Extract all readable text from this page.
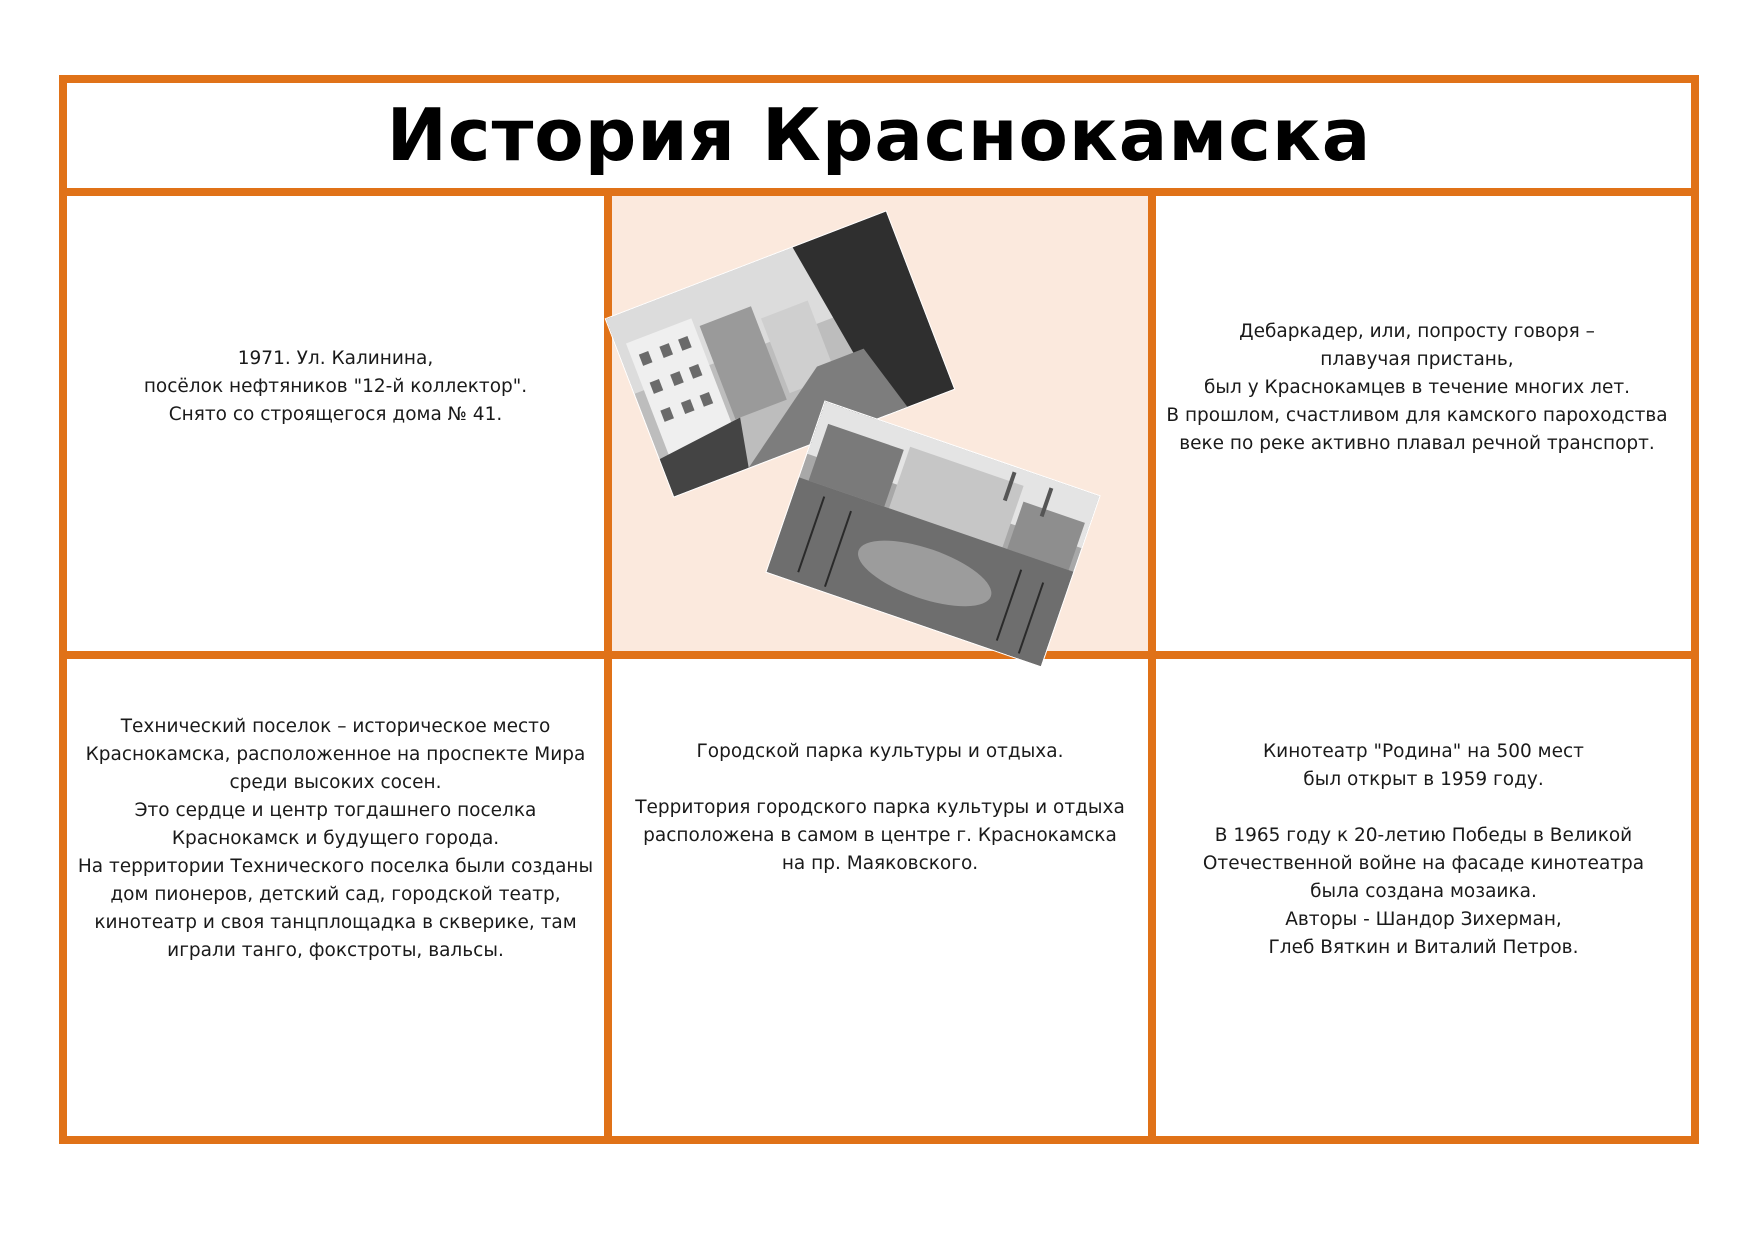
История Краснокамска
1971. Ул. Калинина,
посёлок нефтяников "12-й коллектор".
Снято со строящегося дома № 41.
Дебаркадер, или, попросту говоря –
плавучая пристань,
был у Краснокамцев в течение многих лет.
В прошлом, счастливом для камского пароходства
веке по реке активно плавал речной транспорт.
Технический поселок – историческое место
Краснокамска, расположенное на проспекте Мира
среди высоких сосен.
Это сердце и центр тогдашнего поселка
Краснокамск и будущего города.
На территории Технического поселка были созданы
дом пионеров, детский сад, городской театр,
кинотеатр и своя танцплощадка в скверике, там
играли танго, фокстроты, вальсы.
Городской парка культуры и отдыха.

Территория городского парка культуры и отдыха
расположена в самом в центре г. Краснокамска
на пр. Маяковского.
Кинотеатр "Родина" на 500 мест
был открыт в 1959 году.

В 1965 году к 20-летию Победы в Великой
Отечественной войне на фасаде кинотеатра
была создана мозаика.
Авторы - Шандор Зихерман,
Глеб Вяткин и Виталий Петров.
